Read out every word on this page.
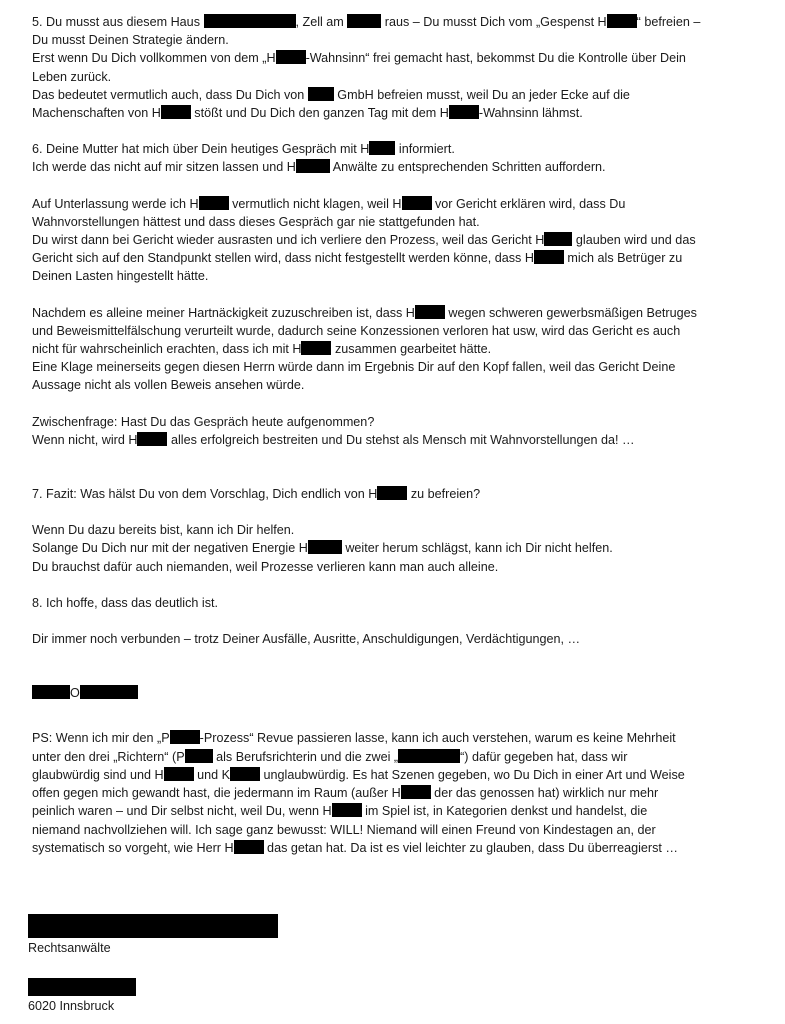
5. Du musst aus diesem Haus	, Zell am	raus – Du musst Dich vom „Gespenst H “ befreien –
Du musst Deinen Strategie ändern.
Erst wenn Du Dich vollkommen von dem „H -Wahnsinn“ frei gemacht hast, bekommst Du die Kontrolle über Dein
Leben zurück.
Das bedeutet vermutlich auch, dass Du Dich von  GmbH befreien musst, weil Du an jeder Ecke auf die
Machenschaften von H stößt und Du Dich den ganzen Tag mit dem H -Wahnsinn lähmst.
6. Deine Mutter hat mich über Dein heutiges Gespräch mit H informiert.
Ich werde das nicht auf mir sitzen lassen und H	Anwälte zu entsprechenden Schritten auffordern.
Auf Unterlassung werde ich H vermutlich nicht klagen, weil H vor Gericht erklären wird, dass Du
Wahnvorstellungen hättest und dass dieses Gespräch gar nie stattgefunden hat.
Du wirst dann bei Gericht wieder ausrasten und ich verliere den Prozess, weil das Gericht H glauben wird und das
Gericht sich auf den Standpunkt stellen wird, dass nicht festgestellt werden könne, dass H mich als Betrüger zu
Deinen Lasten hingestellt hätte.
Nachdem es alleine meiner Hartnäckigkeit zuzuschreiben ist, dass H wegen schweren gewerbsmäßigen Betruges
und Beweismittelfälschung verurteilt wurde, dadurch seine Konzessionen verloren hat usw, wird das Gericht es auch
nicht für wahrscheinlich erachten, dass ich mit H zusammen gearbeitet hätte.
Eine Klage meinerseits gegen diesen Herrn würde dann im Ergebnis Dir auf den Kopf fallen, weil das Gericht Deine
Aussage nicht als vollen Beweis ansehen würde.
Zwischenfrage: Hast Du das Gespräch heute aufgenommen?
Wenn nicht, wird H alles erfolgreich bestreiten und Du stehst als Mensch mit Wahnvorstellungen da! …
7. Fazit: Was hälst Du von dem Vorschlag, Dich endlich von H zu befreien?
Wenn Du dazu bereits bist, kann ich Dir helfen.
Solange Du Dich nur mit der negativen Energie H	weiter herum schlägst, kann ich Dir nicht helfen.
Du brauchst dafür auch niemanden, weil Prozesse verlieren kann man auch alleine.
8. Ich hoffe, dass das deutlich ist.
Dir immer noch verbunden – trotz Deiner Ausfälle, Ausritte, Anschuldigungen, Verdächtigungen, …
O
PS: Wenn ich mir den „P -Prozess“ Revue passieren lasse, kann ich auch verstehen, warum es keine Mehrheit
unter den drei „Richtern“ (P als Berufsrichterin und die zwei „	“) dafür gegeben hat, dass wir
glaubwürdig sind und H und K unglaubwürdig. Es hat Szenen gegeben, wo Du Dich in einer Art und Weise
offen gegen mich gewandt hast, die jedermann im Raum (außer H der das genossen hat) wirklich nur mehr
peinlich waren – und Dir selbst nicht, weil Du, wenn H im Spiel ist, in Kategorien denkst und handelst, die
niemand nachvollziehen will. Ich sage ganz bewusst: WILL! Niemand will einen Freund von Kindestagen an, der
systematisch so vorgeht, wie Herr H das getan hat. Da ist es viel leichter zu glauben, dass Du überreagierst …
Rechtsanwälte
6020 Innsbruck
